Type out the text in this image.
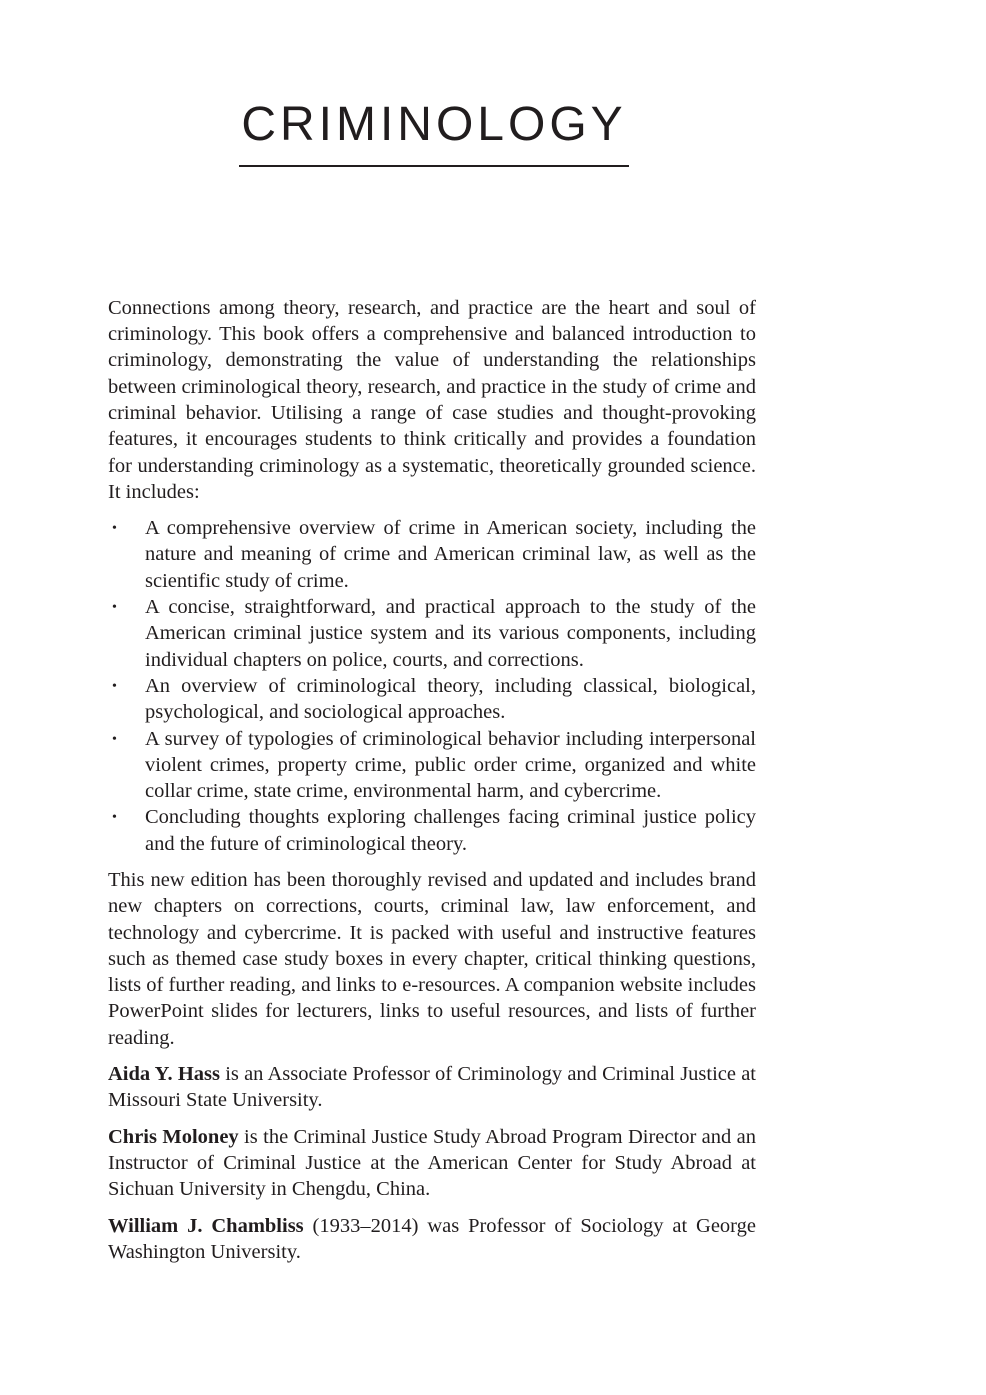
CRIMINOLOGY

Connections among theory, research, and practice are the heart and soul of criminology. This book offers a comprehensive and balanced introduction to criminology, demonstrating the value of understanding the relationships between criminological theory, research, and practice in the study of crime and criminal behavior. Utilising a range of case studies and thought-provoking features, it encourages students to think critically and provides a foundation for understanding criminology as a systematic, theoretically grounded science. It includes:

• A comprehensive overview of crime in American society, including the nature and meaning of crime and American criminal law, as well as the scientific study of crime.
• A concise, straightforward, and practical approach to the study of the American criminal justice system and its various components, including individual chapters on police, courts, and corrections.
• An overview of criminological theory, including classical, biological, psychological, and sociological approaches.
• A survey of typologies of criminological behavior including interpersonal violent crimes, property crime, public order crime, organized and white collar crime, state crime, environmental harm, and cybercrime.
• Concluding thoughts exploring challenges facing criminal justice policy and the future of criminological theory.

This new edition has been thoroughly revised and updated and includes brand new chapters on corrections, courts, criminal law, law enforcement, and technology and cybercrime. It is packed with useful and instructive features such as themed case study boxes in every chapter, critical thinking questions, lists of further reading, and links to e-resources. A companion website includes PowerPoint slides for lecturers, links to useful resources, and lists of further reading.

Aida Y. Hass is an Associate Professor of Criminology and Criminal Justice at Missouri State University.

Chris Moloney is the Criminal Justice Study Abroad Program Director and an Instructor of Criminal Justice at the American Center for Study Abroad at Sichuan University in Chengdu, China.

William J. Chambliss (1933–2014) was Professor of Sociology at George Washington University.
